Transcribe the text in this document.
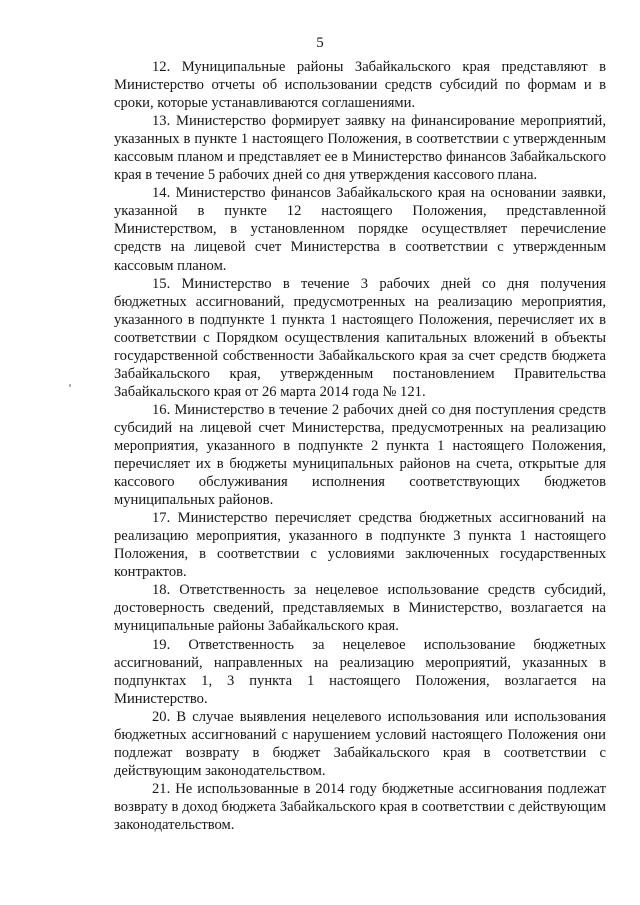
5

12. Муниципальные районы Забайкальского края представляют в Министерство отчеты об использовании средств субсидий по формам и в сроки, которые устанавливаются соглашениями.

13. Министерство формирует заявку на финансирование мероприятий, указанных в пункте 1 настоящего Положения, в соответствии с утвержденным кассовым планом и представляет ее в Министерство финансов Забайкальского края в течение 5 рабочих дней со дня утверждения кассового плана.

14. Министерство финансов Забайкальского края на основании заявки, указанной в пункте 12 настоящего Положения, представленной Министерством, в установленном порядке осуществляет перечисление средств на лицевой счет Министерства в соответствии с утвержденным кассовым планом.

15. Министерство в течение 3 рабочих дней со дня получения бюджетных ассигнований, предусмотренных на реализацию мероприятия, указанного в подпункте 1 пункта 1 настоящего Положения, перечисляет их в соответствии с Порядком осуществления капитальных вложений в объекты государственной собственности Забайкальского края за счет средств бюджета Забайкальского края, утвержденным постановлением Правительства Забайкальского края от 26 марта 2014 года № 121.

16. Министерство в течение 2 рабочих дней со дня поступления средств субсидий на лицевой счет Министерства, предусмотренных на реализацию мероприятия, указанного в подпункте 2 пункта 1 настоящего Положения, перечисляет их в бюджеты муниципальных районов на счета, открытые для кассового обслуживания исполнения соответствующих бюджетов муниципальных районов.

17. Министерство перечисляет средства бюджетных ассигнований на реализацию мероприятия, указанного в подпункте 3 пункта 1 настоящего Положения, в соответствии с условиями заключенных государственных контрактов.

18. Ответственность за нецелевое использование средств субсидий, достоверность сведений, представляемых в Министерство, возлагается на муниципальные районы Забайкальского края.

19. Ответственность за нецелевое использование бюджетных ассигнований, направленных на реализацию мероприятий, указанных в подпунктах 1, 3 пункта 1 настоящего Положения, возлагается на Министерство.

20. В случае выявления нецелевого использования или использования бюджетных ассигнований с нарушением условий настоящего Положения они подлежат возврату в бюджет Забайкальского края в соответствии с действующим законодательством.

21. Не использованные в 2014 году бюджетные ассигнования подлежат возврату в доход бюджета Забайкальского края в соответствии с действующим законодательством.
